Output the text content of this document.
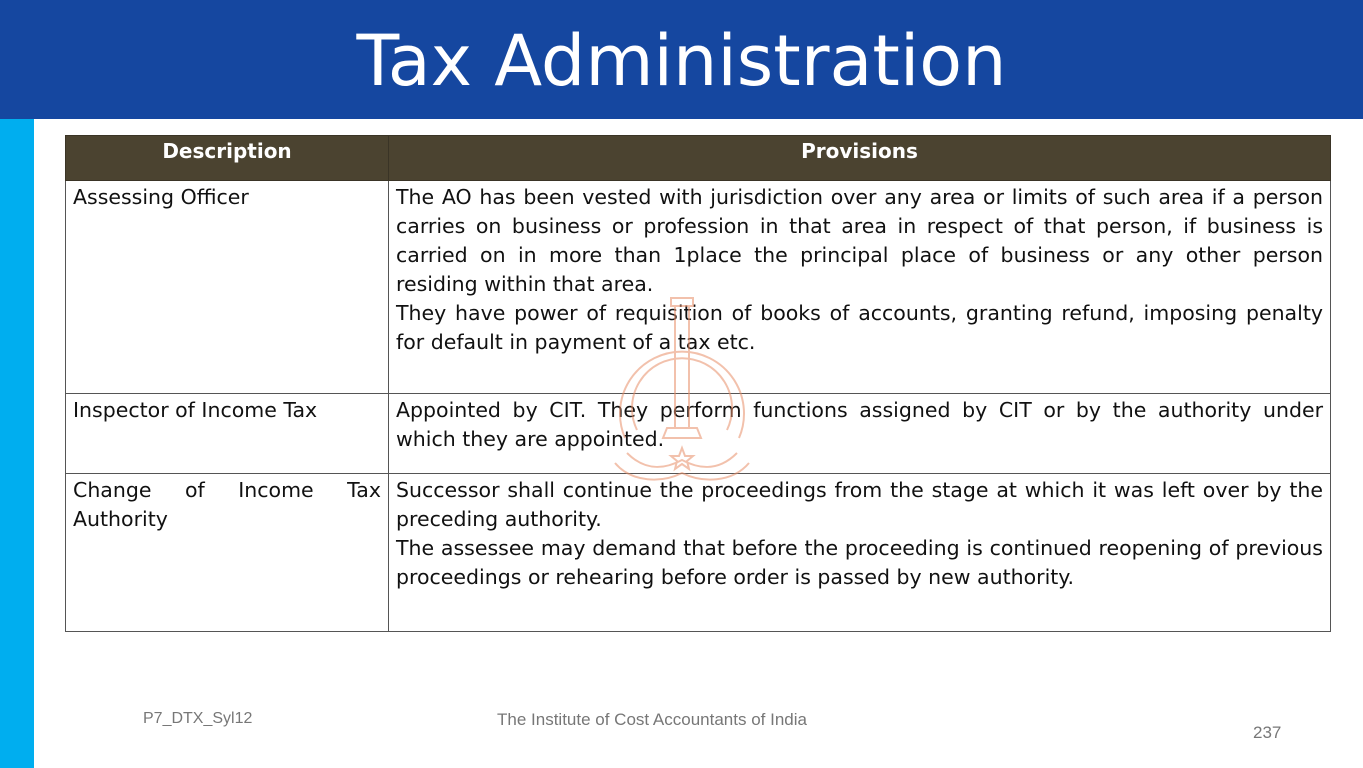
Tax Administration
Description	Provisions
Assessing Officer	The AO has been vested with jurisdiction over any area or limits of such area if a person carries on business or profession in that area in respect of that person, if business is carried on in more than 1place the principal place of business or any other person residing within that area.

They have power of requisition of books of accounts, granting refund, imposing penalty for default in payment of a tax etc.

Inspector of Income Tax	Appointed by CIT. They perform functions assigned by CIT or by the authority under which they are appointed.

Change of Income Tax Authority	Successor shall continue the proceedings from the stage at which it was left over by the preceding authority.

The assessee may demand that before the proceeding is continued reopening of previous proceedings or rehearing before order is passed by new authority.

P7_DTX_Syl12	The Institute of Cost Accountants of India
237
